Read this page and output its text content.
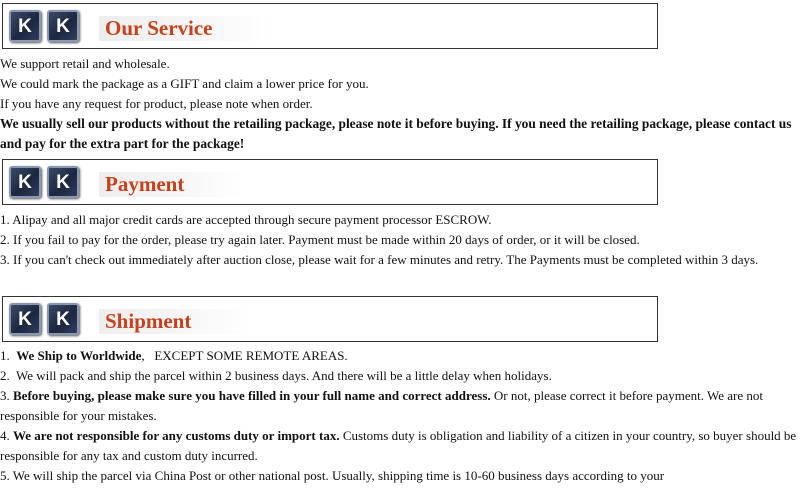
K K Our Service

We support retail and wholesale.

We could mark the package as a GIFT and claim a lower price for you.

If you have any request for product, please note when order.

We usually sell our products without the retailing package, please note it before buying. If you need the retailing package, please contact us and pay for the extra part for the package!

K K Payment

1. Alipay and all major credit cards are accepted through secure payment processor ESCROW.

2. If you fail to pay for the order, please try again later. Payment must be made within 20 days of order, or it will be closed.

3. If you can't check out immediately after auction close, please wait for a few minutes and retry. The Payments must be completed within 3 days.

K K Shipment

1.  We Ship to Worldwide,   EXCEPT SOME REMOTE AREAS.

2.  We will pack and ship the parcel within 2 business days. And there will be a little delay when holidays.

3. Before buying, please make sure you have filled in your full name and correct address. Or not, please correct it before payment. We are not responsible for your mistakes.

4. We are not responsible for any customs duty or import tax. Customs duty is obligation and liability of a citizen in your country, so buyer should be responsible for any tax and custom duty incurred.

5. We will ship the parcel via China Post or other national post. Usually, shipping time is 10-60 business days according to your
